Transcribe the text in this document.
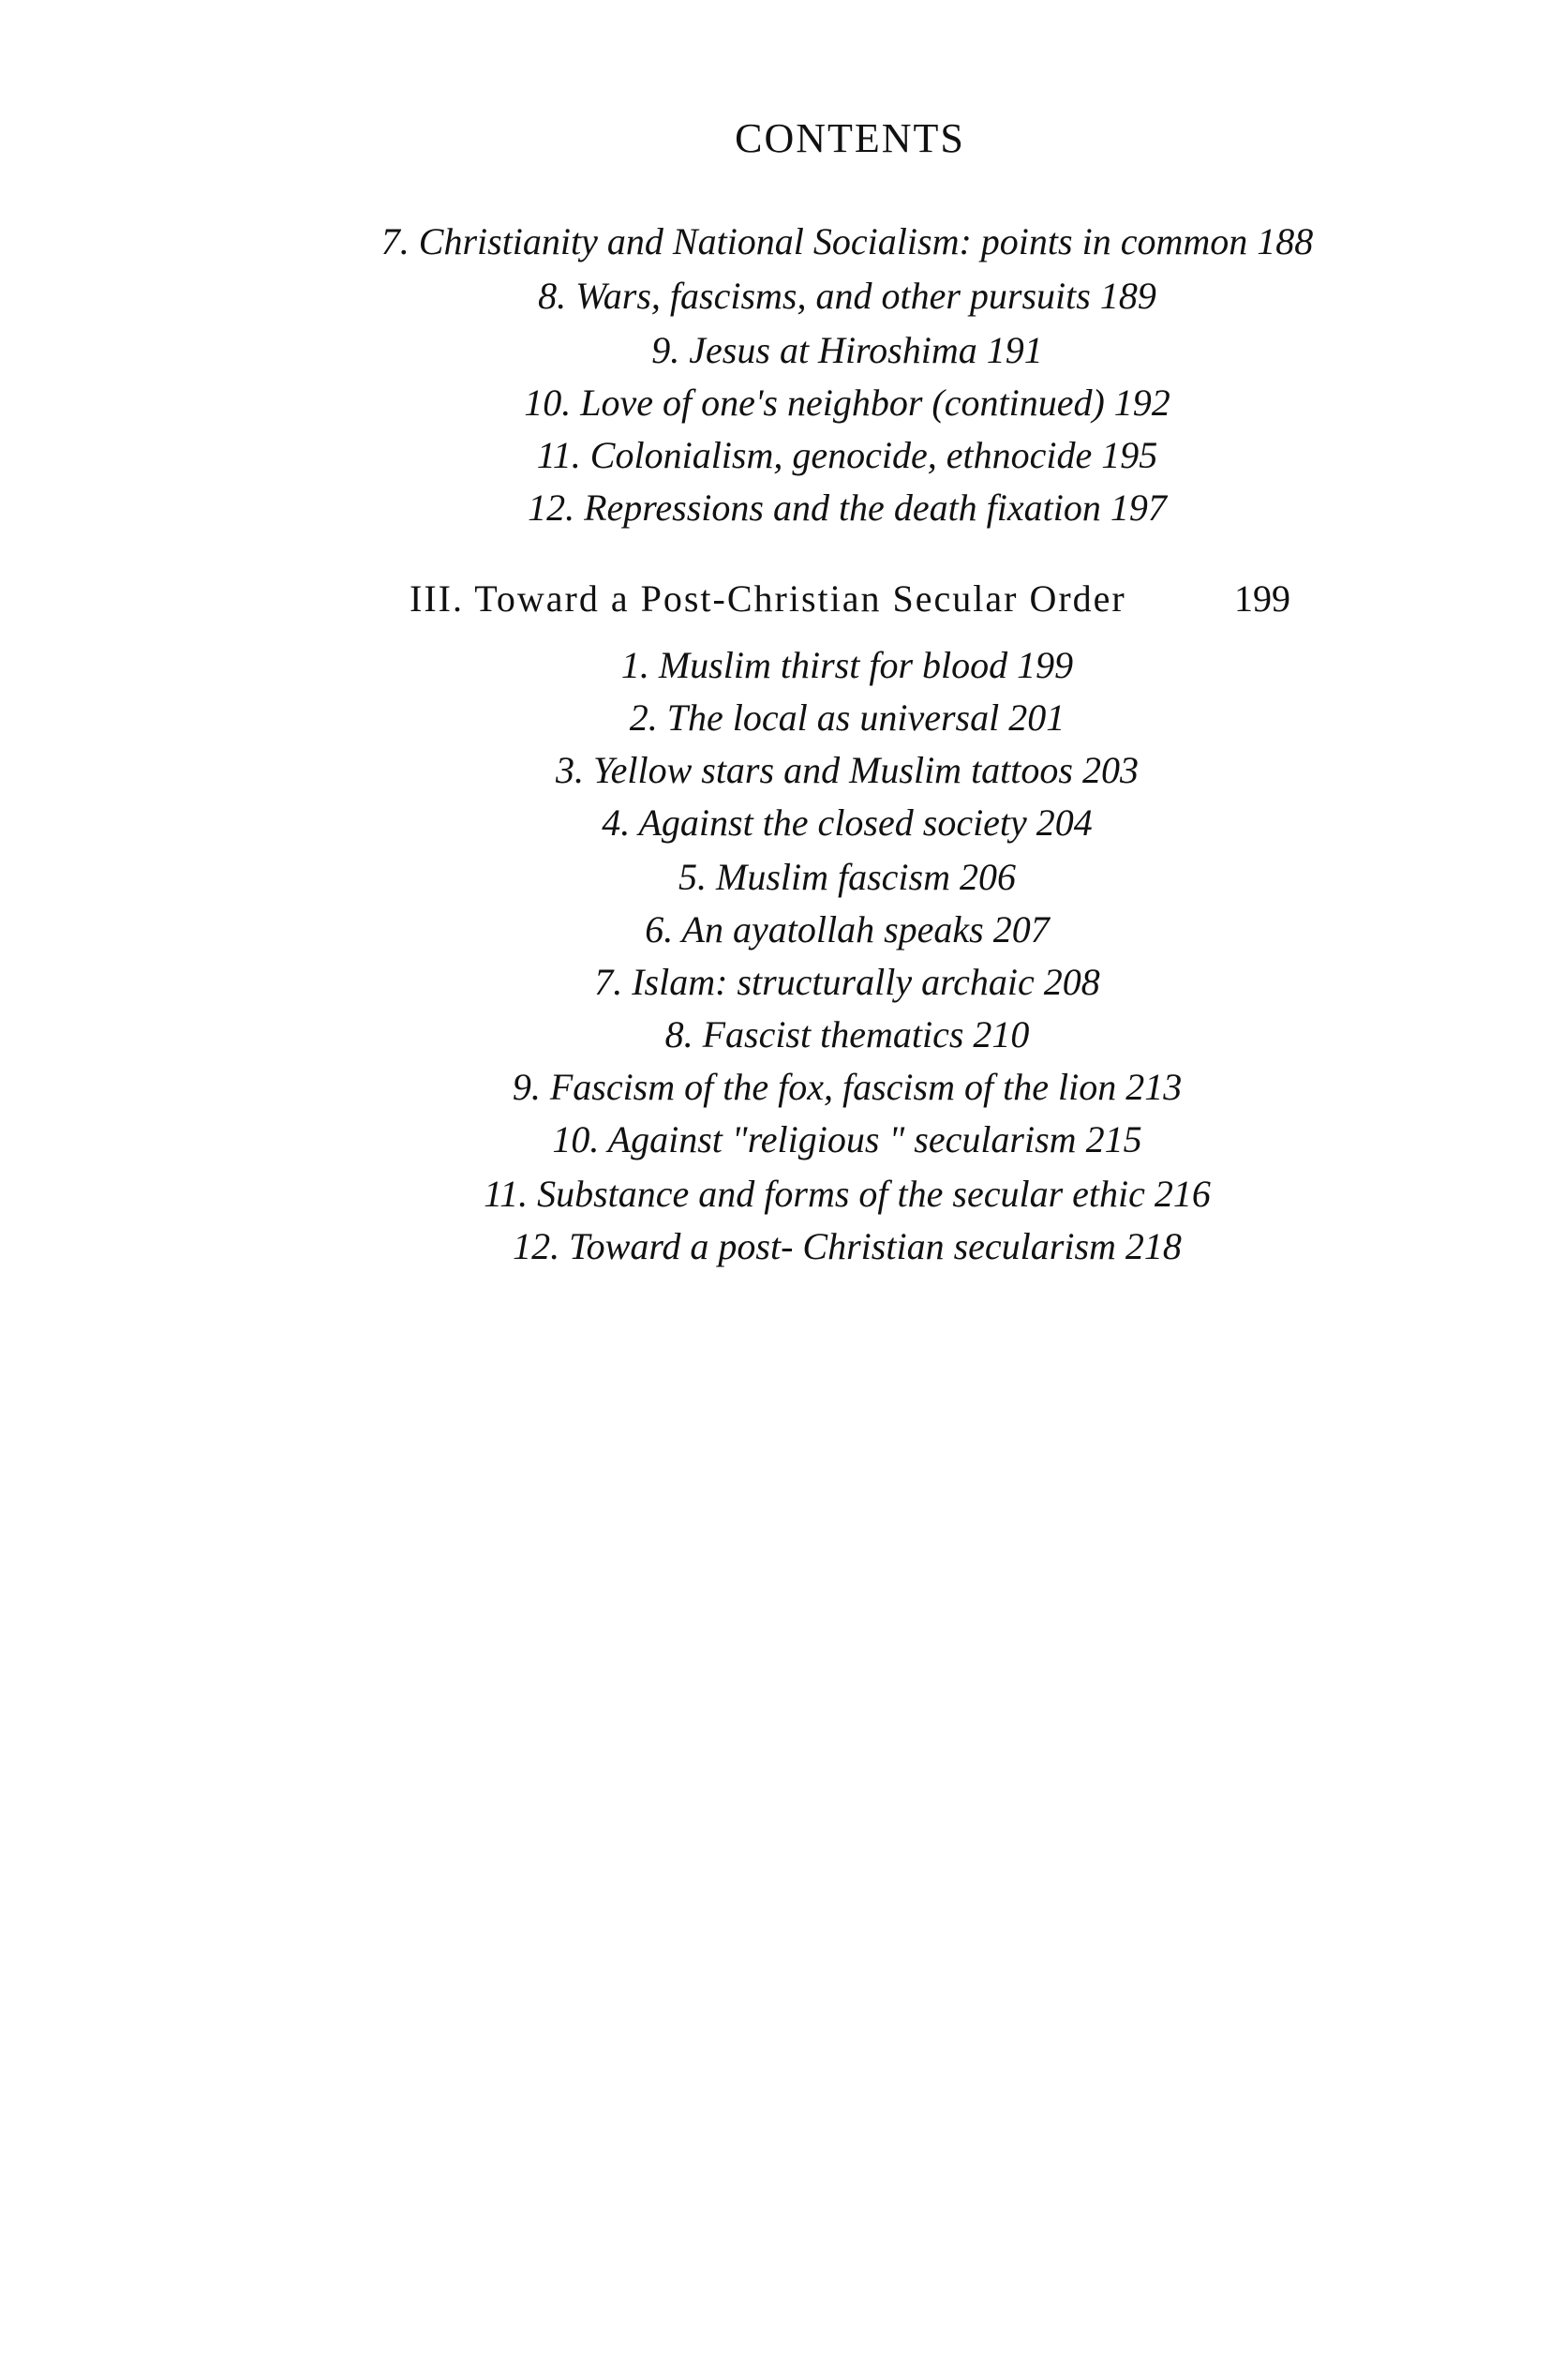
CONTENTS
7. Christianity and National Socialism: points in common 188
8. Wars, fascisms, and other pursuits 189
9. Jesus at Hiroshima 191
10. Love of one's neighbor (continued) 192
11. Colonialism, genocide, ethnocide 195
12. Repressions and the death fixation 197
III. Toward a Post-Christian Secular Order	199
1. Muslim thirst for blood 199
2. The local as universal 201
3. Yellow stars and Muslim tattoos 203
4. Against the closed society 204
5. Muslim fascism 206
6. An ayatollah speaks 207
7. Islam: structurally archaic 208
8. Fascist thematics 210
9. Fascism of the fox, fascism of the lion 213
10. Against "religious " secularism 215
11. Substance and forms of the secular ethic 216
12. Toward a post- Christian secularism 218
